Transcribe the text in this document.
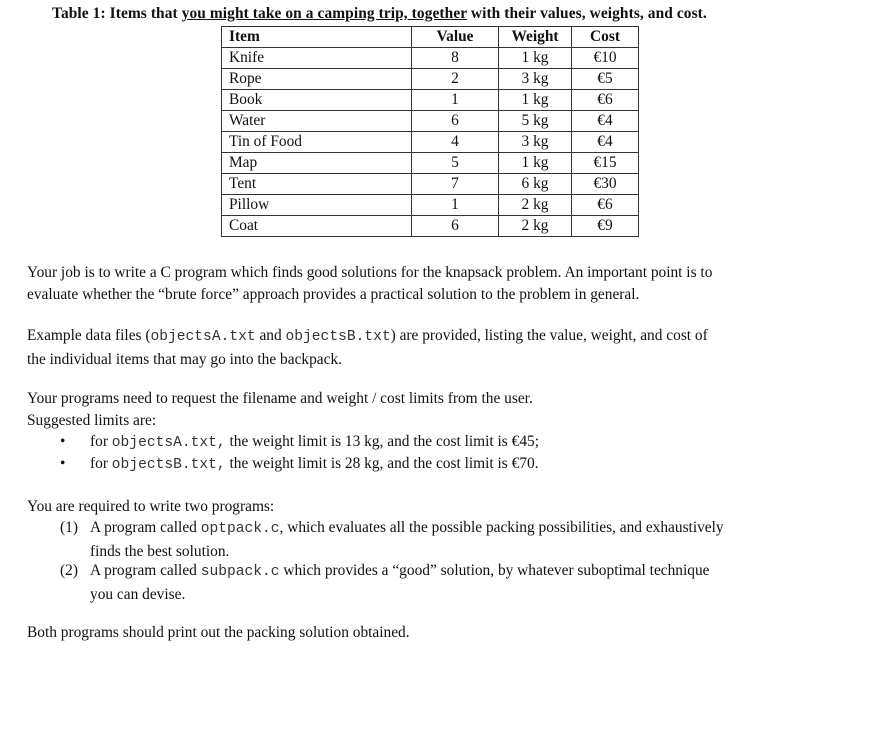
Table 1: Items that you might take on a camping trip, together with their values, weights, and cost.
Item	Value	Weight	Cost
Knife	8	1 kg	€10
Rope	2	3 kg	€5
Book	1	1 kg	€6
Water	6	5 kg	€4
Tin of Food	4	3 kg	€4
Map	5	1 kg	€15
Tent	7	6 kg	€30
Pillow	1	2 kg	€6
Coat	6	2 kg	€9
Your job is to write a C program which finds good solutions for the knapsack problem. An important point is to
evaluate whether the “brute force” approach provides a practical solution to the problem in general.
Example data files (objectsA.txt and objectsB.txt) are provided, listing the value, weight, and cost of
the individual items that may go into the backpack.
Your programs need to request the filename and weight / cost limits from the user.
Suggested limits are:
• for objectsA.txt, the weight limit is 13 kg, and the cost limit is €45;
• for objectsB.txt, the weight limit is 28 kg, and the cost limit is €70.
You are required to write two programs:
(1) A program called optpack.c, which evaluates all the possible packing possibilities, and exhaustively
finds the best solution.
(2) A program called subpack.c which provides a “good” solution, by whatever suboptimal technique
you can devise.
Both programs should print out the packing solution obtained.
